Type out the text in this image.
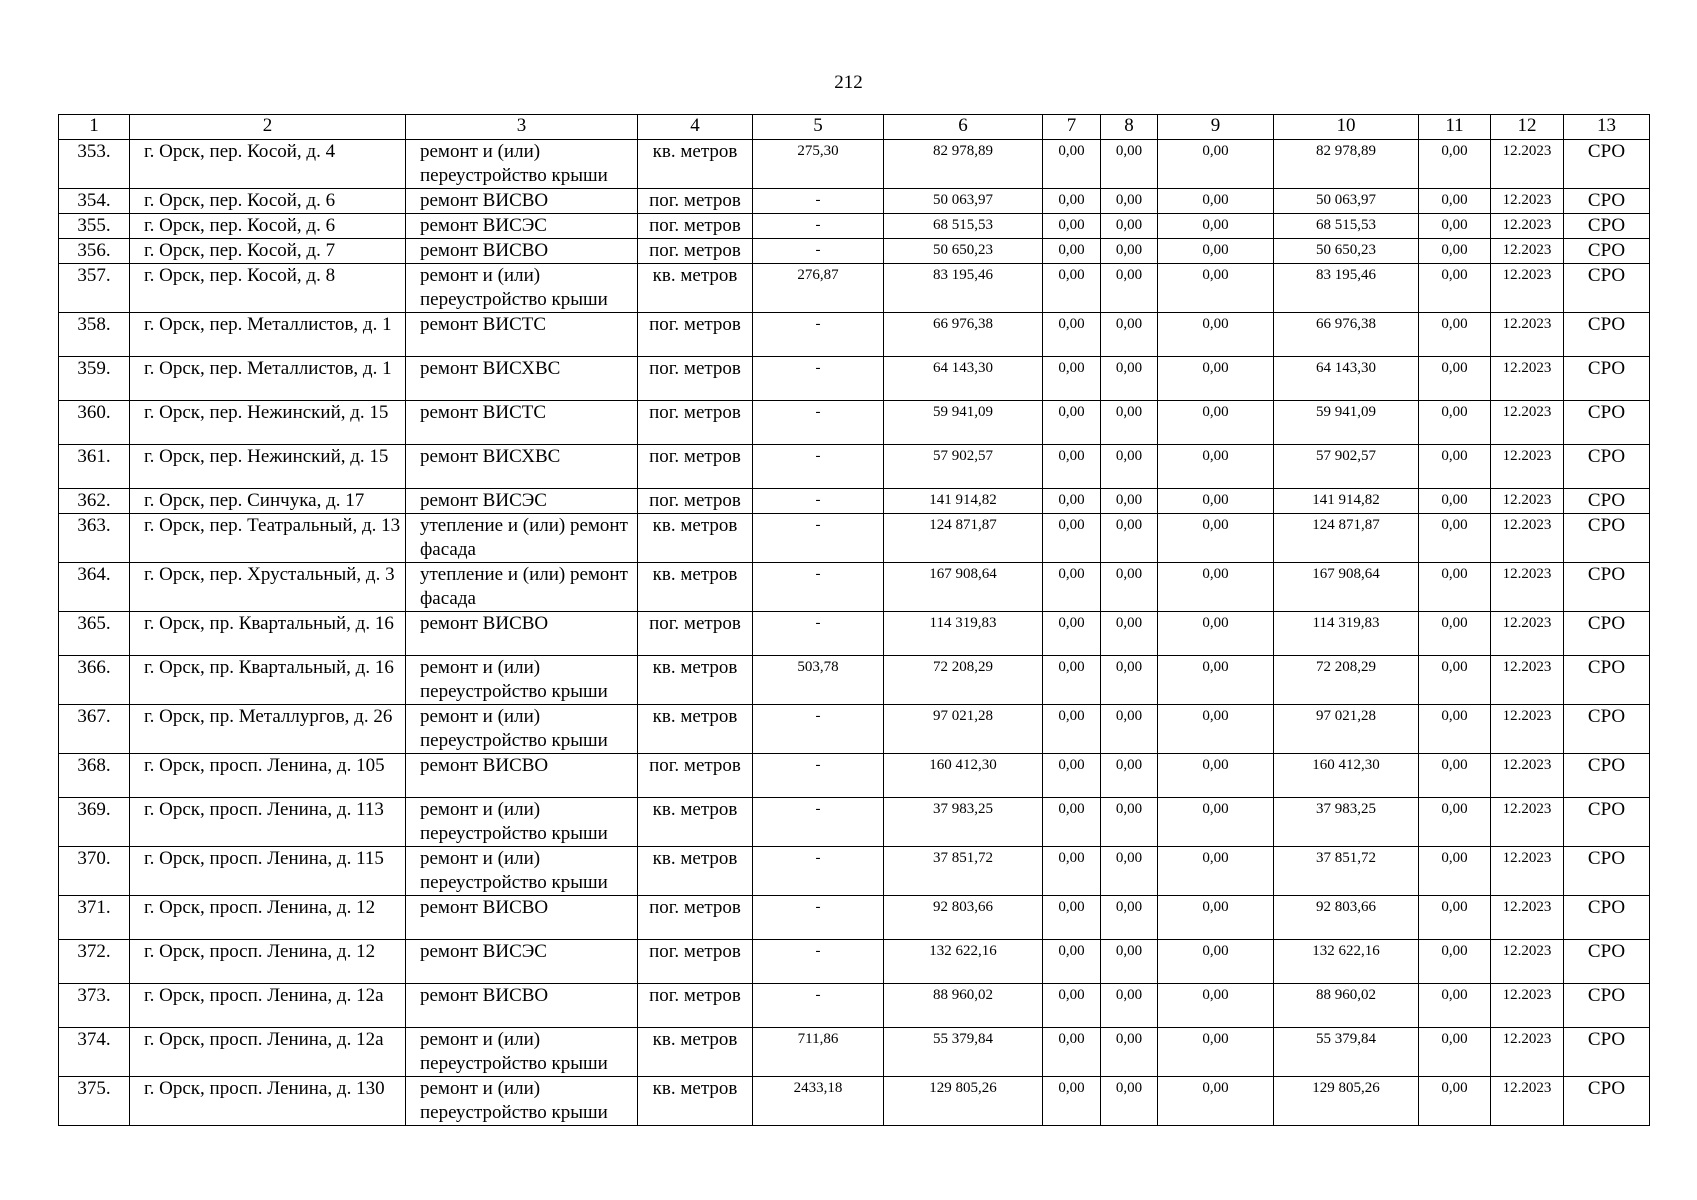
212
1	2	3	4	5	6	7	8	9	10	11	12	13
353.	г. Орск, пер. Косой, д. 4	ремонт и (или) переустройство крыши	кв. метров	275,30	82 978,89	0,00	0,00	0,00	82 978,89	0,00	12.2023	СРО
354.	г. Орск, пер. Косой, д. 6	ремонт ВИСВО	пог. метров	-	50 063,97	0,00	0,00	0,00	50 063,97	0,00	12.2023	СРО
355.	г. Орск, пер. Косой, д. 6	ремонт ВИСЭС	пог. метров	-	68 515,53	0,00	0,00	0,00	68 515,53	0,00	12.2023	СРО
356.	г. Орск, пер. Косой, д. 7	ремонт ВИСВО	пог. метров	-	50 650,23	0,00	0,00	0,00	50 650,23	0,00	12.2023	СРО
357.	г. Орск, пер. Косой, д. 8	ремонт и (или) переустройство крыши	кв. метров	276,87	83 195,46	0,00	0,00	0,00	83 195,46	0,00	12.2023	СРО
358.	г. Орск, пер. Металлистов, д. 1	ремонт ВИСТС	пог. метров	-	66 976,38	0,00	0,00	0,00	66 976,38	0,00	12.2023	СРО
359.	г. Орск, пер. Металлистов, д. 1	ремонт ВИСХВС	пог. метров	-	64 143,30	0,00	0,00	0,00	64 143,30	0,00	12.2023	СРО
360.	г. Орск, пер. Нежинский, д. 15	ремонт ВИСТС	пог. метров	-	59 941,09	0,00	0,00	0,00	59 941,09	0,00	12.2023	СРО
361.	г. Орск, пер. Нежинский, д. 15	ремонт ВИСХВС	пог. метров	-	57 902,57	0,00	0,00	0,00	57 902,57	0,00	12.2023	СРО
362.	г. Орск, пер. Синчука, д. 17	ремонт ВИСЭС	пог. метров	-	141 914,82	0,00	0,00	0,00	141 914,82	0,00	12.2023	СРО
363.	г. Орск, пер. Театральный, д. 13	утепление и (или) ремонт фасада	кв. метров	-	124 871,87	0,00	0,00	0,00	124 871,87	0,00	12.2023	СРО
364.	г. Орск, пер. Хрустальный, д. 3	утепление и (или) ремонт фасада	кв. метров	-	167 908,64	0,00	0,00	0,00	167 908,64	0,00	12.2023	СРО
365.	г. Орск, пр. Квартальный, д. 16	ремонт ВИСВО	пог. метров	-	114 319,83	0,00	0,00	0,00	114 319,83	0,00	12.2023	СРО
366.	г. Орск, пр. Квартальный, д. 16	ремонт и (или) переустройство крыши	кв. метров	503,78	72 208,29	0,00	0,00	0,00	72 208,29	0,00	12.2023	СРО
367.	г. Орск, пр. Металлургов, д. 26	ремонт и (или) переустройство крыши	кв. метров	-	97 021,28	0,00	0,00	0,00	97 021,28	0,00	12.2023	СРО
368.	г. Орск, просп. Ленина, д. 105	ремонт ВИСВО	пог. метров	-	160 412,30	0,00	0,00	0,00	160 412,30	0,00	12.2023	СРО
369.	г. Орск, просп. Ленина, д. 113	ремонт и (или) переустройство крыши	кв. метров	-	37 983,25	0,00	0,00	0,00	37 983,25	0,00	12.2023	СРО
370.	г. Орск, просп. Ленина, д. 115	ремонт и (или) переустройство крыши	кв. метров	-	37 851,72	0,00	0,00	0,00	37 851,72	0,00	12.2023	СРО
371.	г. Орск, просп. Ленина, д. 12	ремонт ВИСВО	пог. метров	-	92 803,66	0,00	0,00	0,00	92 803,66	0,00	12.2023	СРО
372.	г. Орск, просп. Ленина, д. 12	ремонт ВИСЭС	пог. метров	-	132 622,16	0,00	0,00	0,00	132 622,16	0,00	12.2023	СРО
373.	г. Орск, просп. Ленина, д. 12а	ремонт ВИСВО	пог. метров	-	88 960,02	0,00	0,00	0,00	88 960,02	0,00	12.2023	СРО
374.	г. Орск, просп. Ленина, д. 12а	ремонт и (или) переустройство крыши	кв. метров	711,86	55 379,84	0,00	0,00	0,00	55 379,84	0,00	12.2023	СРО
375.	г. Орск, просп. Ленина, д. 130	ремонт и (или) переустройство крыши	кв. метров	2433,18	129 805,26	0,00	0,00	0,00	129 805,26	0,00	12.2023	СРО
